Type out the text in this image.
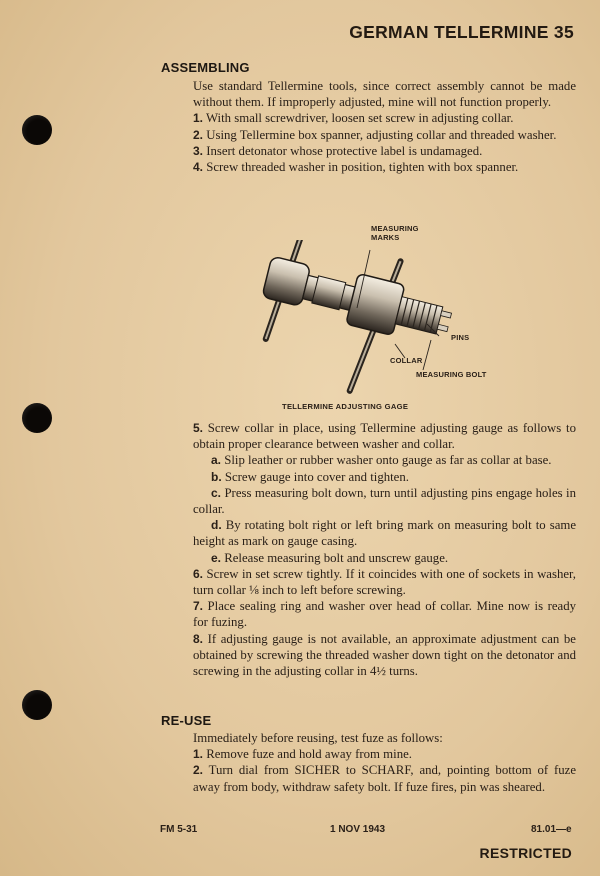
GERMAN TELLERMINE 35
ASSEMBLING

Use standard Tellermine tools, since correct assembly cannot be made without them. If improperly adjusted, mine will not function properly.

1. With small screwdriver, loosen set screw in adjusting collar.

2. Using Tellermine box spanner, adjusting collar and threaded washer.

3. Insert detonator whose protective label is undamaged.

4. Screw threaded washer in position, tighten with box spanner.

MEASURING
MARKS
PINS
COLLAR
MEASURING BOLT
TELLERMINE ADJUSTING GAGE

5. Screw collar in place, using Tellermine adjusting gauge as follows to obtain proper clearance between washer and collar.

a. Slip leather or rubber washer onto gauge as far as collar at base.

b. Screw gauge into cover and tighten.

c. Press measuring bolt down, turn until adjusting pins engage holes in collar.

d. By rotating bolt right or left bring mark on measuring bolt to same height as mark on gauge casing.

e. Release measuring bolt and unscrew gauge.

6. Screw in set screw tightly. If it coincides with one of sockets in washer, turn collar ⅛ inch to left before screwing.

7. Place sealing ring and washer over head of collar. Mine now is ready for fuzing.

8. If adjusting gauge is not available, an approximate adjustment can be obtained by screwing the threaded washer down tight on the detonator and screwing in the adjusting collar in 4½ turns.

RE-USE

Immediately before reusing, test fuze as follows:

1. Remove fuze and hold away from mine.

2. Turn dial from SICHER to SCHARF, and, pointing bottom of fuze away from body, withdraw safety bolt. If fuze fires, pin was sheared.

FM 5-31	1 NOV 1943	81.01—e
RESTRICTED
